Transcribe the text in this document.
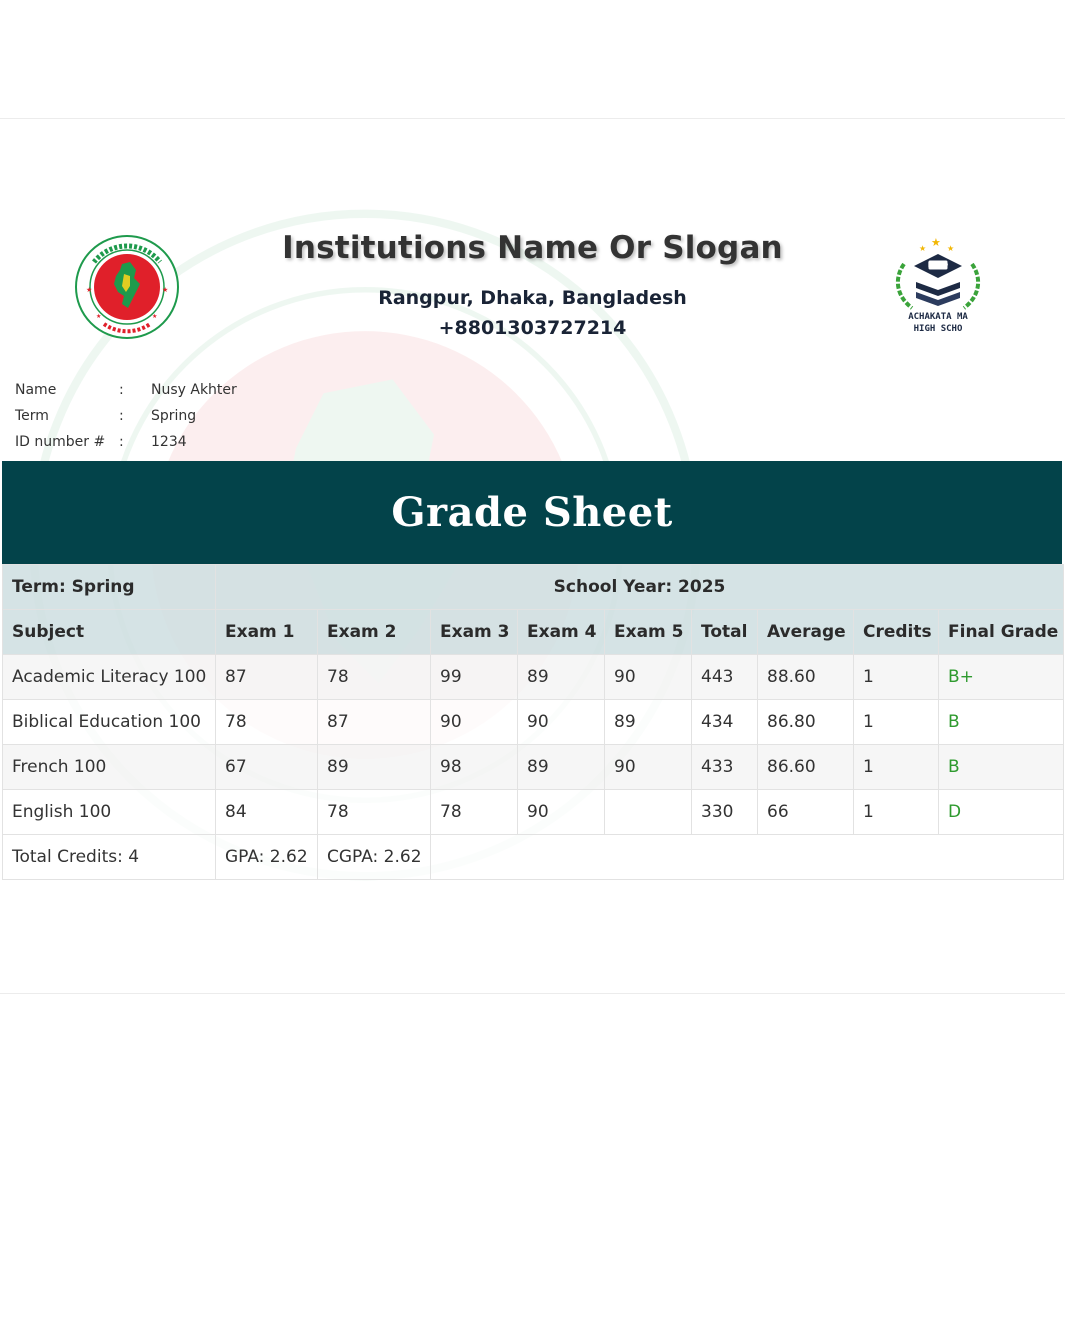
★	★
★	★
★
★	★
ESTD
ACHAKATA MA
HIGH SCHO
Institutions Name Or Slogan
Rangpur, Dhaka, Bangladesh
+8801303727214
Name	:	Nusy Akhter
Term	:	Spring
ID number # :	1234
Grade Sheet
Term: Spring	School Year: 2025								
Subject	Exam 1	Exam 2	Exam 3	Exam 4	Exam 5	Total	Average	Credits	Final Grade
Academic Literacy 100	87	78	99	89	90	443	88.60	1	B+
Biblical Education 100	78	87	90	90	89	434	86.80	1	B
French 100	67	89	98	89	90	433	86.60	1	B
English 100	84	78	78	90		330	66	1	D
Total Credits: 4	GPA: 2.62	CGPA: 2.62							
